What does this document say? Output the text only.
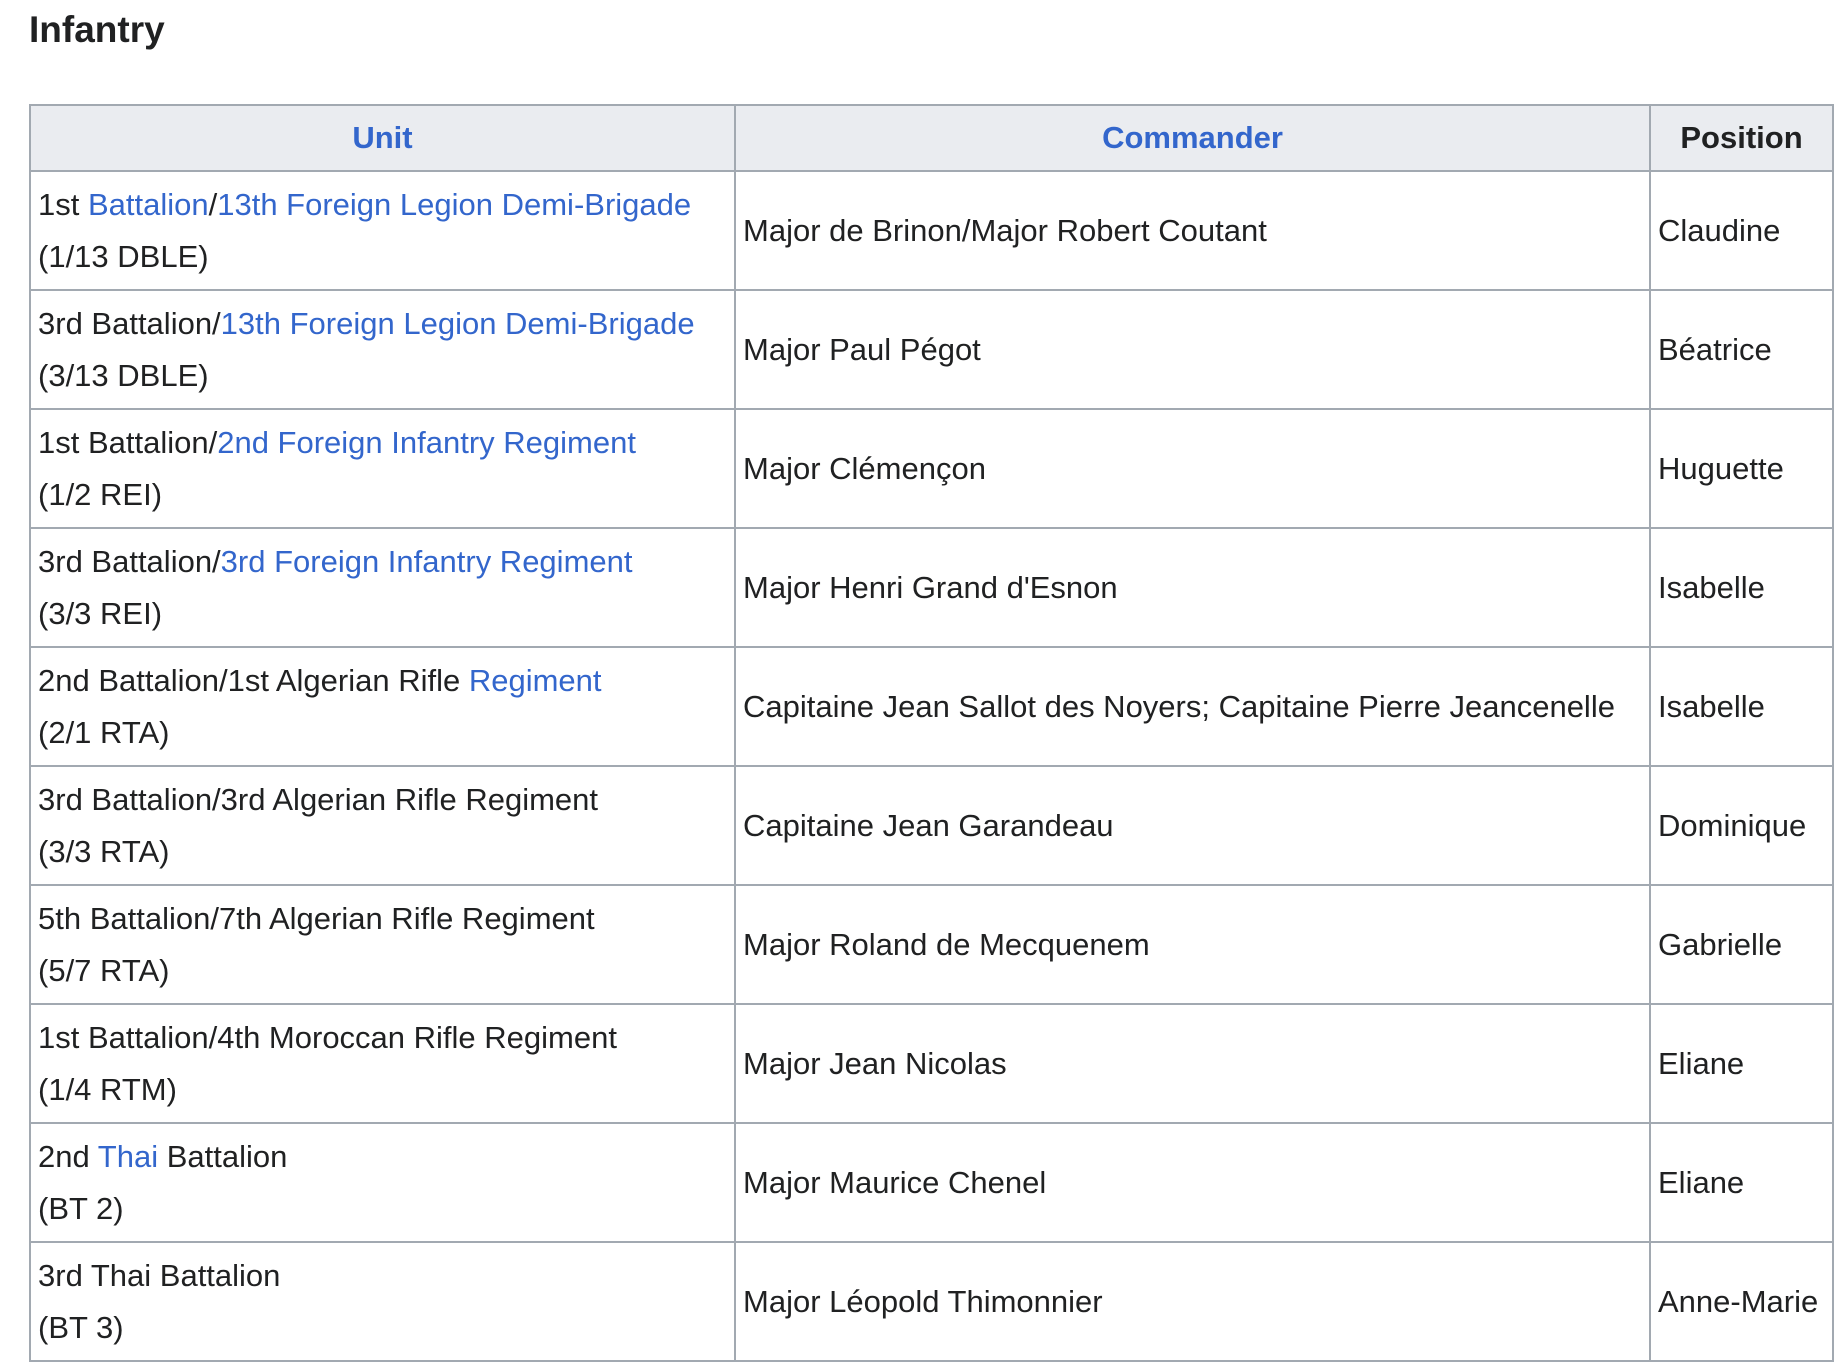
Infantry
Unit	Commander	Position

1st Battalion/13th Foreign Legion Demi-Brigade
(1/13 DBLE)	Major de Brinon/Major Robert Coutant	Claudine

3rd Battalion/13th Foreign Legion Demi-Brigade
(3/13 DBLE)	Major Paul Pégot	Béatrice

1st Battalion/2nd Foreign Infantry Regiment
(1/2 REI)	Major Clémençon	Huguette

3rd Battalion/3rd Foreign Infantry Regiment
(3/3 REI)	Major Henri Grand d'Esnon	Isabelle

2nd Battalion/1st Algerian Rifle Regiment
(2/1 RTA)	Capitaine Jean Sallot des Noyers; Capitaine Pierre Jeancenelle	Isabelle

3rd Battalion/3rd Algerian Rifle Regiment
(3/3 RTA)	Capitaine Jean Garandeau	Dominique

5th Battalion/7th Algerian Rifle Regiment
(5/7 RTA)	Major Roland de Mecquenem	Gabrielle

1st Battalion/4th Moroccan Rifle Regiment
(1/4 RTM)	Major Jean Nicolas	Eliane

2nd Thai Battalion
(BT 2)	Major Maurice Chenel	Eliane

3rd Thai Battalion
(BT 3)	Major Léopold Thimonnier	Anne-Marie
